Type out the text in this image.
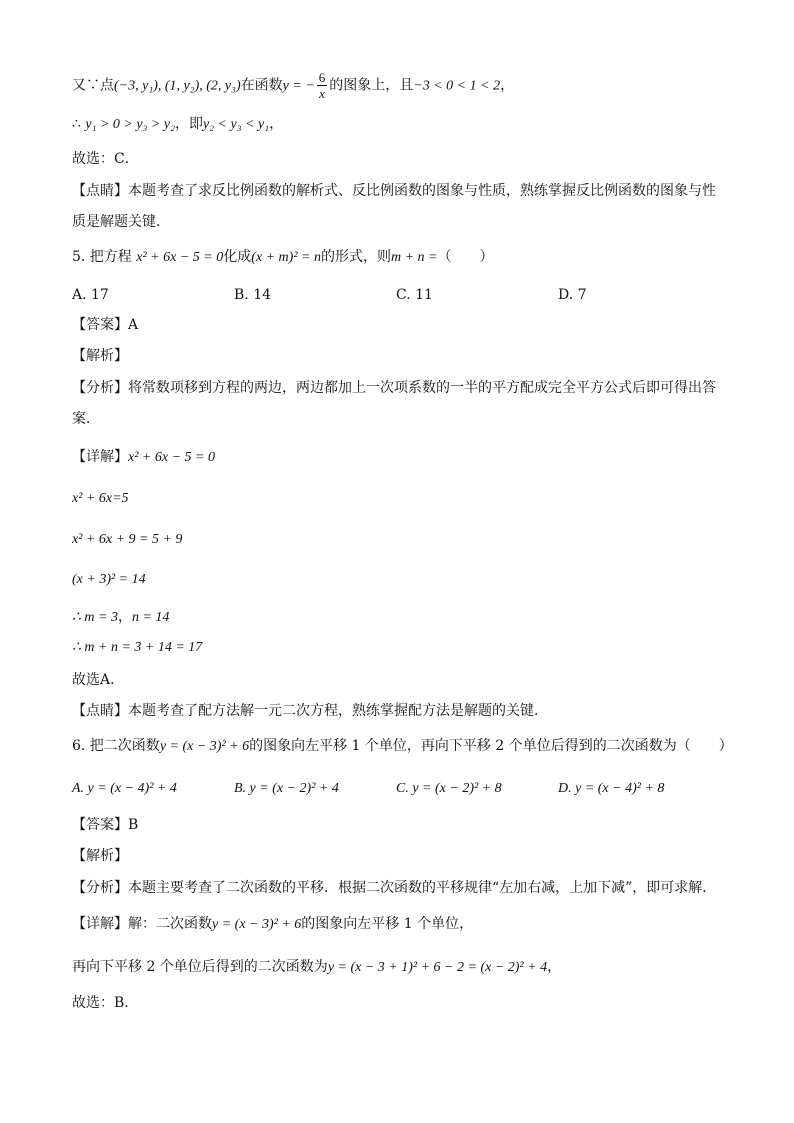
又∵点(−3, y₁), (1, y₂), (2, y₃)在函数y = − $\frac{6}{x}$ 的图象上，且−3 < 0 < 1 < 2，
∴ y₁ > 0 > y₃ > y₂，即y₂ < y₃ < y₁，
故选：C．
【点睛】本题考查了求反比例函数的解析式、反比例函数的图象与性质，熟练掌握反比例函数的图象与性
质是解题关键．
5. 把方程 x² + 6x − 5 = 0化成(x + m)² = n的形式，则m + n =（　　）
A. 17	B. 14	C. 11	D. 7
【答案】A
【解析】
【分析】将常数项移到方程的两边，两边都加上一次项系数的一半的平方配成完全平方公式后即可得出答
案．
【详解】x² + 6x − 5 = 0
x² + 6x=5
x² + 6x + 9 = 5 + 9
(x + 3)² = 14
∴ m = 3，n = 14
∴ m + n = 3 + 14 = 17
故选A．
【点睛】本题考查了配方法解一元二次方程，熟练掌握配方法是解题的关键．
6. 把二次函数y = (x − 3)² + 6的图象向左平移 1 个单位，再向下平移 2 个单位后得到的二次函数为（　　）
A. y = (x − 4)² + 4	B. y = (x − 2)² + 4	C. y = (x − 2)² + 8	D. y = (x − 4)² + 8
【答案】B
【解析】
【分析】本题主要考查了二次函数的平移．根据二次函数的平移规律“左加右减，上加下减”，即可求解．
【详解】解：二次函数y = (x − 3)² + 6的图象向左平移 1 个单位，
再向下平移 2 个单位后得到的二次函数为y = (x − 3 + 1)² + 6 − 2 = (x − 2)² + 4，
故选：B．
